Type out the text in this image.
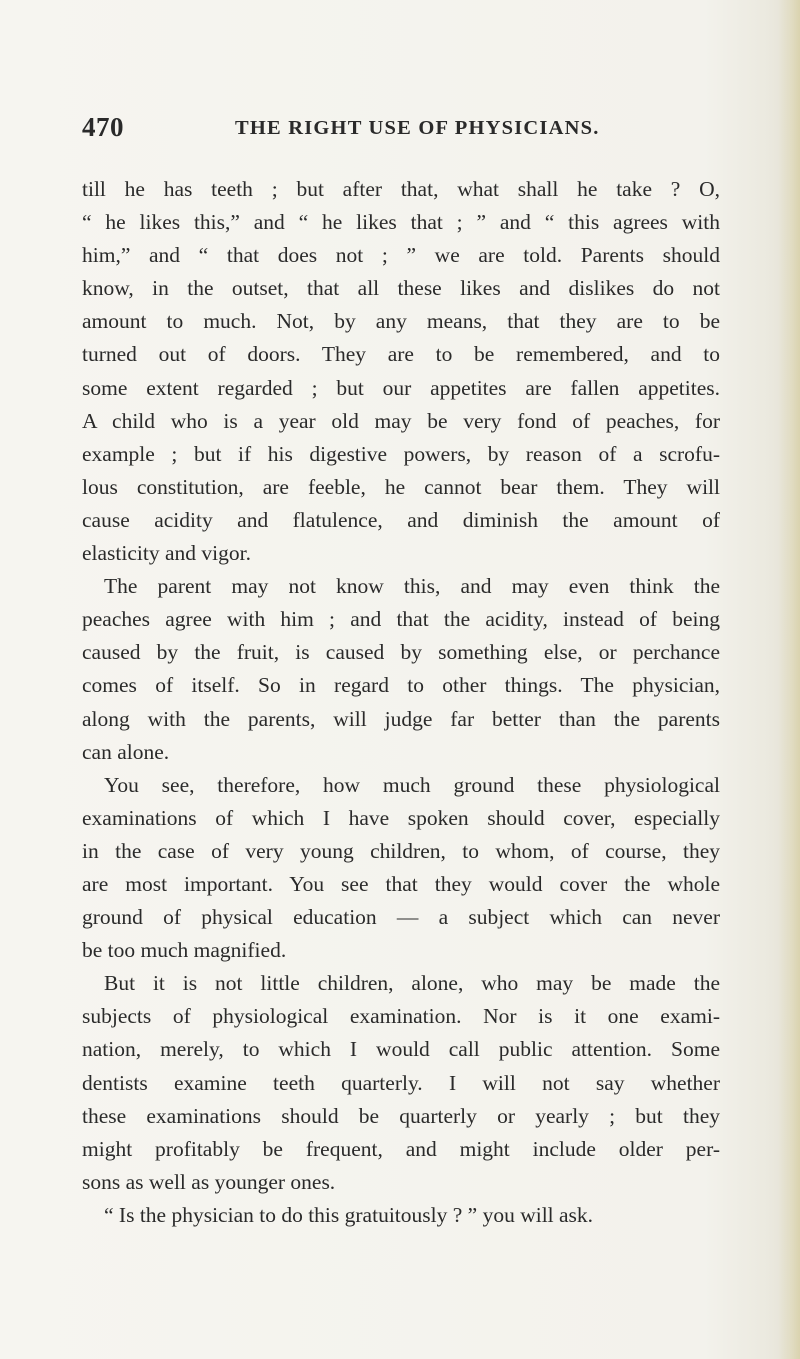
470	THE RIGHT USE OF PHYSICIANS.
till he has teeth ; but after that, what shall he take ? O,
“ he likes this,” and “ he likes that ; ” and “ this agrees with
him,” and “ that does not ; ” we are told. Parents should
know, in the outset, that all these likes and dislikes do not
amount to much. Not, by any means, that they are to be
turned out of doors. They are to be remembered, and to
some extent regarded ; but our appetites are fallen appetites.
A child who is a year old may be very fond of peaches, for
example ; but if his digestive powers, by reason of a scrofu-
lous constitution, are feeble, he cannot bear them. They will
cause acidity and flatulence, and diminish the amount of
elasticity and vigor.
The parent may not know this, and may even think the
peaches agree with him ; and that the acidity, instead of being
caused by the fruit, is caused by something else, or perchance
comes of itself. So in regard to other things. The physician,
along with the parents, will judge far better than the parents
can alone.
You see, therefore, how much ground these physiological
examinations of which I have spoken should cover, especially
in the case of very young children, to whom, of course, they
are most important. You see that they would cover the whole
ground of physical education — a subject which can never
be too much magnified.
But it is not little children, alone, who may be made the
subjects of physiological examination. Nor is it one exami-
nation, merely, to which I would call public attention. Some
dentists examine teeth quarterly. I will not say whether
these examinations should be quarterly or yearly ; but they
might profitably be frequent, and might include older per-
sons as well as younger ones.
“ Is the physician to do this gratuitously ? ” you will ask.
